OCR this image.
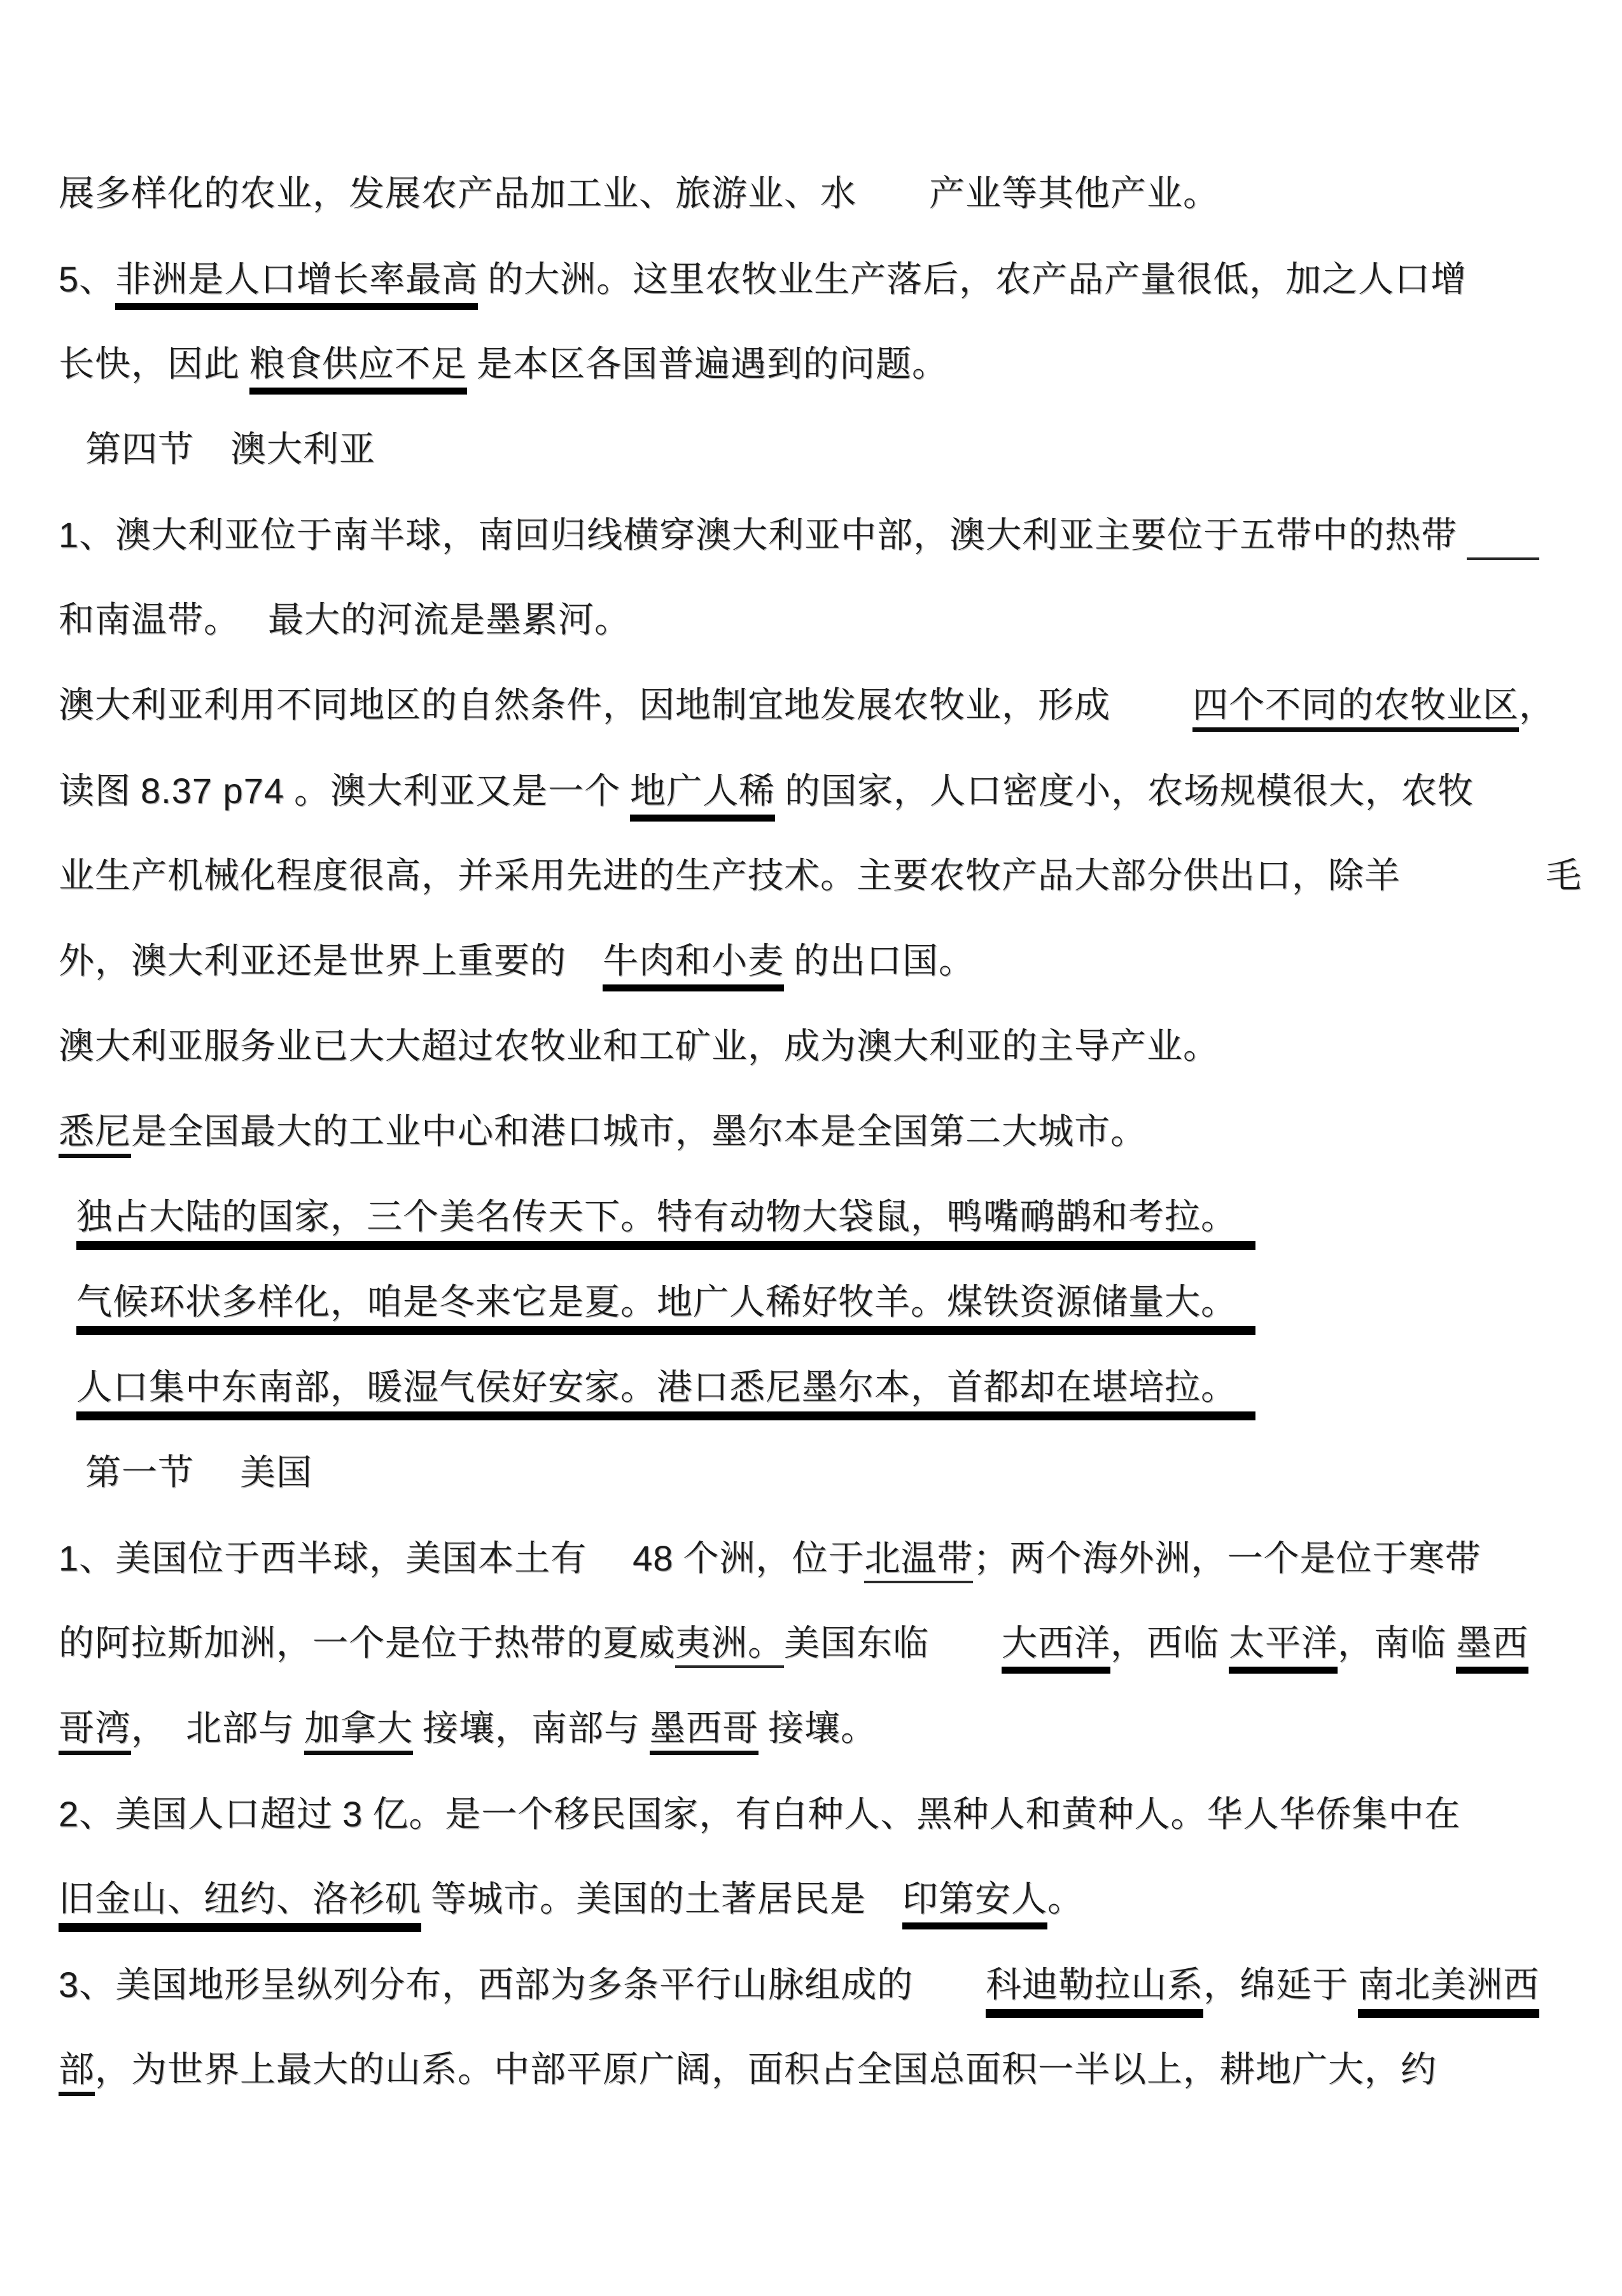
展多样化的农业，发展农产品加工业、旅游业、水　　产业等其他产业。
5、非洲是人口增长率最高 的大洲。这里农牧业生产落后，农产品产量很低，加之人口增
长快，因此 粮食供应不足 是本区各国普遍遇到的问题。
第四节　澳大利亚
1、澳大利亚位于南半球，南回归线横穿澳大利亚中部，澳大利亚主要位于五带中的热带 　　
和南温带。　 最大的河流是墨累河。
澳大利亚利用不同地区的自然条件，因地制宜地发展农牧业，形成　　 四个不同的农牧业区，
读图 8.37 p74 。澳大利亚又是一个 地广人稀 的国家，人口密度小，农场规模很大，农牧
业生产机械化程度很高，并采用先进的生产技术。主要农牧产品大部分供出口，除羊　　　　毛
外，澳大利亚还是世界上重要的　牛肉和小麦 的出口国。
澳大利亚服务业已大大超过农牧业和工矿业，成为澳大利亚的主导产业。
悉尼是全国最大的工业中心和港口城市，墨尔本是全国第二大城市。
独占大陆的国家，三个美名传天下。特有动物大袋鼠，鸭嘴鸸鹋和考拉。　
气候环状多样化，咱是冬来它是夏。地广人稀好牧羊。煤铁资源储量大。　
人口集中东南部，暖湿气侯好安家。港口悉尼墨尔本，首都却在堪培拉。　
第一节　 美国
1、美国位于西半球，美国本土有　 48 个洲，位于北温带；两个海外洲，一个是位于寒带
的阿拉斯加洲，一个是位于热带的夏威夷洲。美国东临　　大西洋，西临 太平洋，南临 墨西
哥湾，　北部与 加拿大 接壤，南部与 墨西哥 接壤。
2、美国人口超过 3 亿。是一个移民国家，有白种人、黑种人和黄种人。华人华侨集中在
旧金山、纽约、洛衫矶 等城市。美国的土著居民是　印第安人。
3、美国地形呈纵列分布，西部为多条平行山脉组成的　　科迪勒拉山系，绵延于 南北美洲西
部，为世界上最大的山系。中部平原广阔，面积占全国总面积一半以上，耕地广大，约
